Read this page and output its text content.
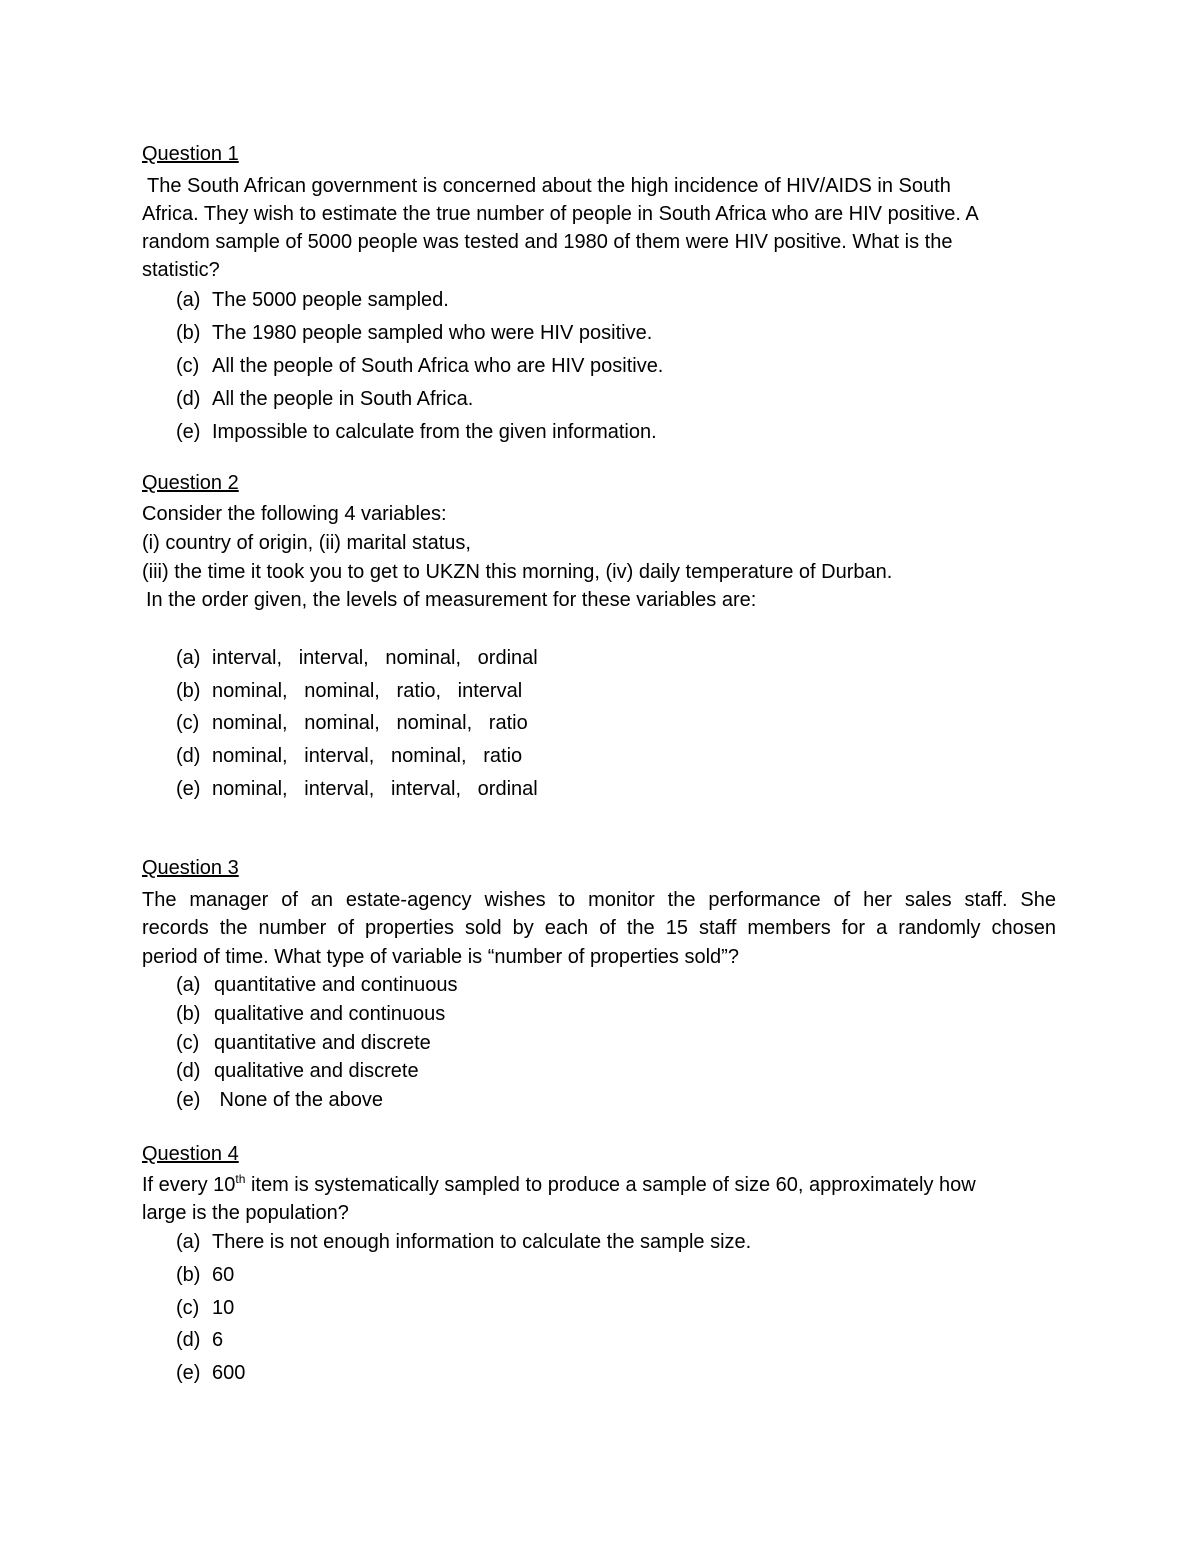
Question 1
The South African government is concerned about the high incidence of HIV/AIDS in South
Africa. They wish to estimate the true number of people in South Africa who are HIV positive. A
random sample of 5000 people was tested and 1980 of them were HIV positive. What is the
statistic?
(a) The 5000 people sampled.
(b) The 1980 people sampled who were HIV positive.
(c) All the people of South Africa who are HIV positive.
(d) All the people in South Africa.
(e) Impossible to calculate from the given information.
Question 2
Consider the following 4 variables:
(i) country of origin, (ii) marital status,
(iii) the time it took you to get to UKZN this morning, (iv) daily temperature of Durban.
In the order given, the levels of measurement for these variables are:
(a) interval,   interval,   nominal,   ordinal
(b) nominal,   nominal,   ratio,   interval
(c) nominal,   nominal,   nominal,   ratio
(d) nominal,   interval,   nominal,   ratio
(e) nominal,   interval,   interval,   ordinal
Question 3
The manager of an estate-agency wishes to monitor the performance of her sales staff. She
records the number of properties sold by each of the 15 staff members for a randomly chosen
period of time. What type of variable is “number of properties sold”?
(a) quantitative and continuous
(b) qualitative and continuous
(c) quantitative and discrete
(d) qualitative and discrete
(e) None of the above
Question 4
If every 10th item is systematically sampled to produce a sample of size 60, approximately how
large is the population?
(a) There is not enough information to calculate the sample size.
(b) 60
(c) 10
(d) 6
(e) 600
